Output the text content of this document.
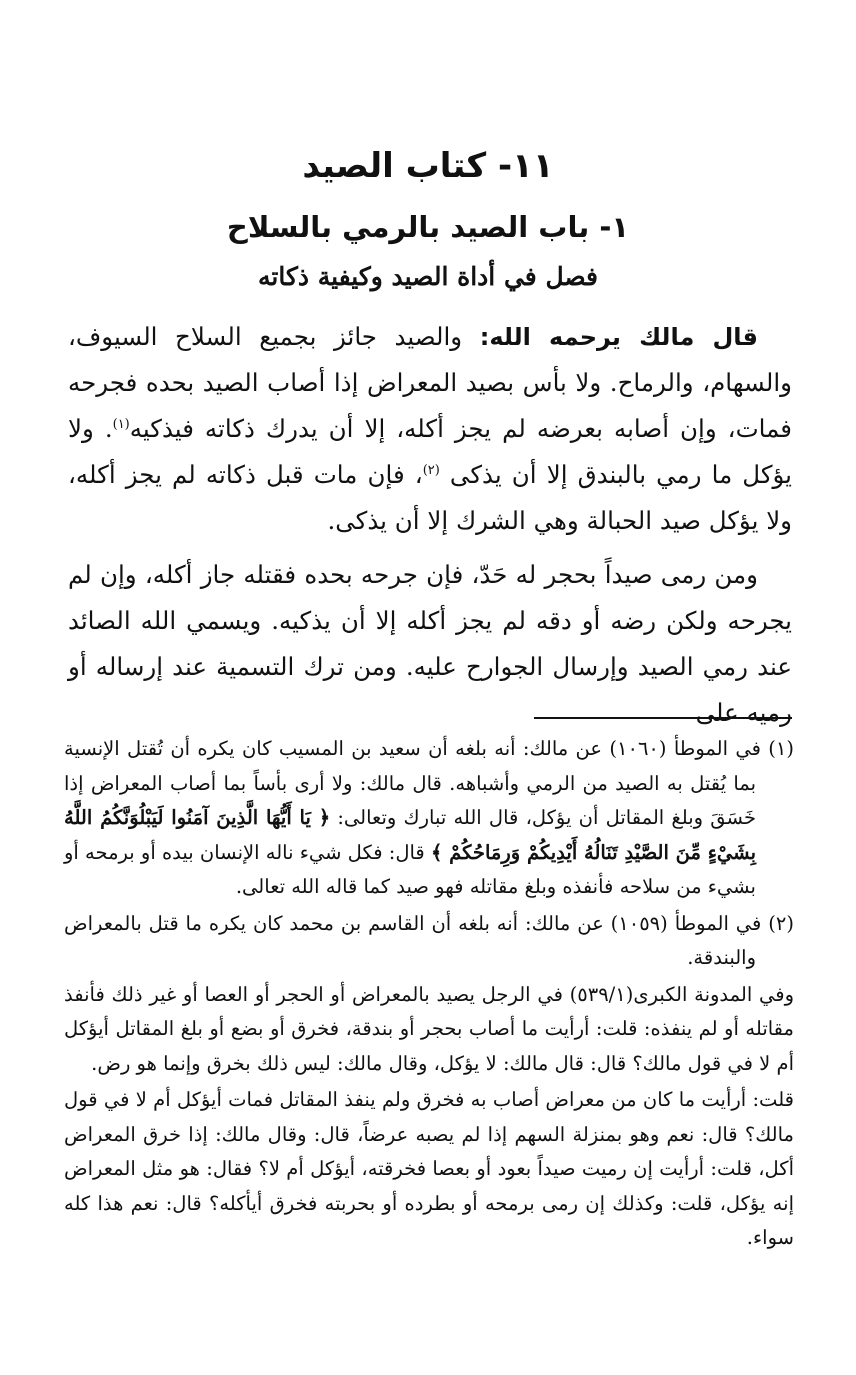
١١- كتاب الصيد
١- باب الصيد بالرمي بالسلاح
فصل في أداة الصيد وكيفية ذكاته

قال مالك يرحمه الله: والصيد جائز بجميع السلاح السيوف، والسهام، والرماح. ولا بأس بصيد المعراض إذا أصاب الصيد بحده فجرحه فمات، وإن أصابه بعرضه لم يجز أكله، إلا أن يدرك ذكاته فيذكيه$^{(١)}$. ولا يؤكل ما رمي بالبندق إلا أن يذكى $^{(٢)}$، فإن مات قبل ذكاته لم يجز أكله، ولا يؤكل صيد الحبالة وهي الشرك إلا أن يذكى.

ومن رمى صيداً بحجر له حَدّ، فإن جرحه بحده فقتله جاز أكله، وإن لم يجرحه ولكن رضه أو دقه لم يجز أكله إلا أن يذكيه. ويسمي الله الصائد عند رمي الصيد وإرسال الجوارح عليه. ومن ترك التسمية عند إرساله أو رميه على

(١) في الموطأ (١٠٦٠) عن مالك: أنه بلغه أن سعيد بن المسيب كان يكره أن تُقتل الإنسية بما يُقتل به الصيد من الرمي وأشباهه. قال مالك: ولا أرى بأساً بما أصاب المعراض إذا خَسَقَ وبلغ المقاتل أن يؤكل، قال الله تبارك وتعالى: ﴿ يَا أَيُّهَا الَّذِينَ آمَنُوا لَيَبْلُوَنَّكُمُ اللَّهُ بِشَيْءٍ مِّنَ الصَّيْدِ تَنَالُهُ أَيْدِيكُمْ وَرِمَاحُكُمْ ﴾ قال: فكل شيء ناله الإنسان بيده أو برمحه أو بشيء من سلاحه فأنفذه وبلغ مقاتله فهو صيد كما قاله الله تعالى.

(٢) في الموطأ (١٠٥٩) عن مالك: أنه بلغه أن القاسم بن محمد كان يكره ما قتل بالمعراض والبندقة.

وفي المدونة الكبرى(٥٣٩/١) في الرجل يصيد بالمعراض أو الحجر أو العصا أو غير ذلك فأنفذ مقاتله أو لم ينفذه: قلت: أرأيت ما أصاب بحجر أو بندقة، فخرق أو بضع أو بلغ المقاتل أيؤكل أم لا في قول مالك؟ قال: قال مالك: لا يؤكل، وقال مالك: ليس ذلك بخرق وإنما هو رض.

قلت: أرأيت ما كان من معراض أصاب به فخرق ولم ينفذ المقاتل فمات أيؤكل أم لا في قول مالك؟ قال: نعم وهو بمنزلة السهم إذا لم يصبه عرضاً، قال: وقال مالك: إذا خرق المعراض أكل، قلت: أرأيت إن رميت صيداً بعود أو بعصا فخرقته، أيؤكل أم لا؟ فقال: هو مثل المعراض إنه يؤكل، قلت: وكذلك إن رمى برمحه أو بطرده أو بحربته فخرق أيأكله؟ قال: نعم هذا كله سواء.
